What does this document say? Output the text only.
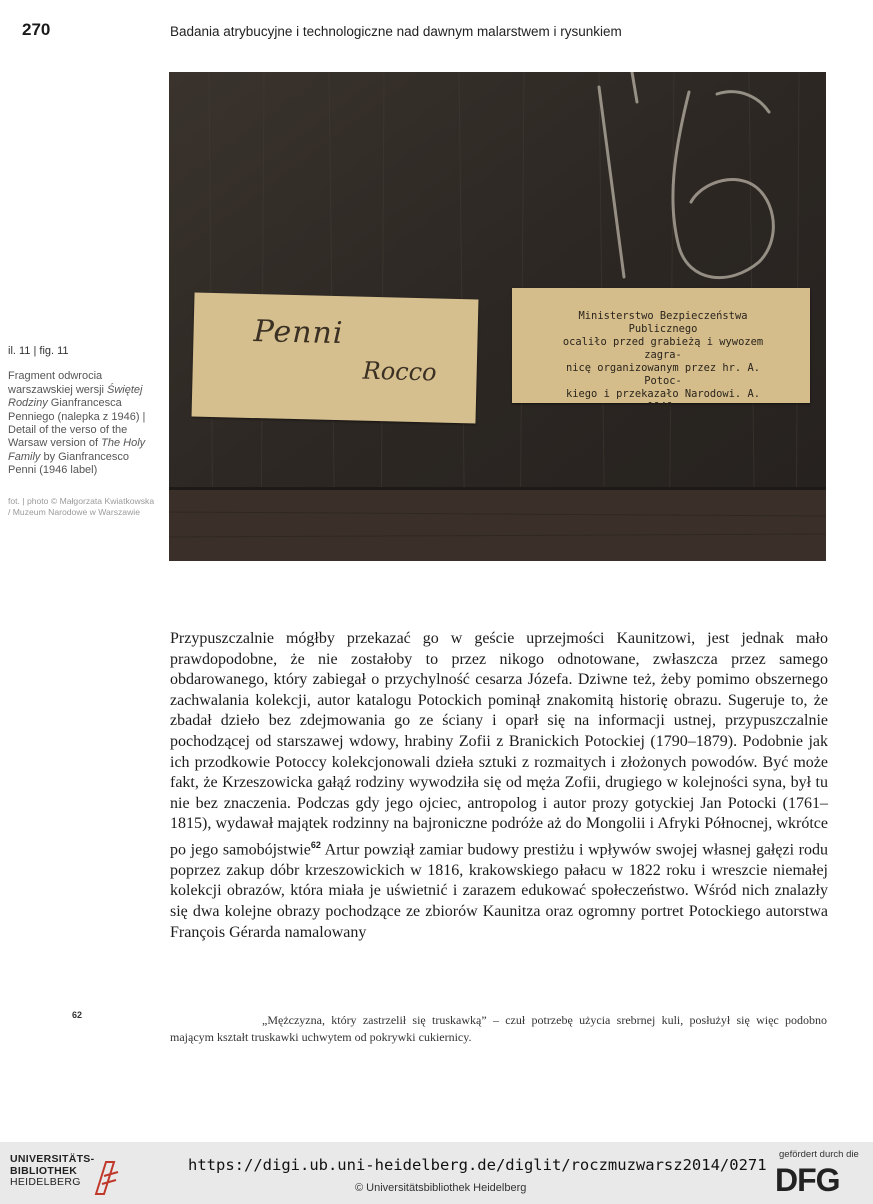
270	Badania atrybucyjne i technologiczne nad dawnym malarstwem i rysunkiem
Penni
Rocco
Ministerstwo Bezpieczeństwa Publicznego
ocaliło przed grabieżą i wywozem zagra-
nicę organizowanym przez hr. A. Potoc-
kiego i przekazało Narodowi. A. 1946.
il. 11 | fig. 11
Fragment odwrocia warszawskiej wersji Świętej Rodziny Gianfrancesca Penniego (nalepka z 1946) | Detail of the verso of the Warsaw version of The Holy Family by Gianfrancesco Penni (1946 label)
fot. | photo © Małgorzata Kwiatkowska / Muzeum Narodowe w Warszawie

Przypuszczalnie mógłby przekazać go w geście uprzejmości Kaunitzowi, jest jednak mało prawdopodobne, że nie zostałoby to przez nikogo odnotowane, zwłaszcza przez samego obdarowanego, który zabiegał o przychylność cesarza Józefa. Dziwne też, żeby pomimo obszernego zachwalania kolekcji, autor katalogu Potockich pominął znakomitą historię obrazu. Sugeruje to, że zbadał dzieło bez zdejmowania go ze ściany i oparł się na informacji ustnej, przypuszczalnie pochodzącej od starszawej wdowy, hrabiny Zofii z Branickich Potockiej (1790–1879). Podobnie jak ich przodkowie Potoccy kolekcjonowali dzieła sztuki z rozmaitych i złożonych powodów. Być może fakt, że Krzeszowicka gałąź rodziny wywodziła się od męża Zofii, drugiego w kolejności syna, był tu nie bez znaczenia. Podczas gdy jego ojciec, antropolog i autor prozy gotyckiej Jan Potocki (1761–1815), wydawał majątek rodzinny na bajroniczne podróże aż do Mongolii i Afryki Północnej, wkrótce po jego samobójstwie$^{62}$ Artur powziął zamiar budowy prestiżu i wpływów swojej własnej gałęzi rodu poprzez zakup dóbr krzeszowickich w 1816, krakowskiego pałacu w 1822 roku i wreszcie niemałej kolekcji obrazów, która miała je uświetnić i zarazem edukować społeczeństwo. Wśród nich znalazły się dwa kolejne obrazy pochodzące ze zbiorów Kaunitza oraz ogromny portret Potockiego autorstwa François Gérarda namalowany

62	„Mężczyzna, który zastrzelił się truskawką” – czuł potrzebę użycia srebrnej kuli, posłużył się więc podobno mającym kształt truskawki uchwytem od pokrywki cukiernicy.
UNIVERSITÄTS-
BIBLIOTHEK
HEIDELBERG
https://digi.ub.uni-heidelberg.de/diglit/roczmuzwarsz2014/0271
© Universitätsbibliothek Heidelberg
gefördert durch die
DFG
